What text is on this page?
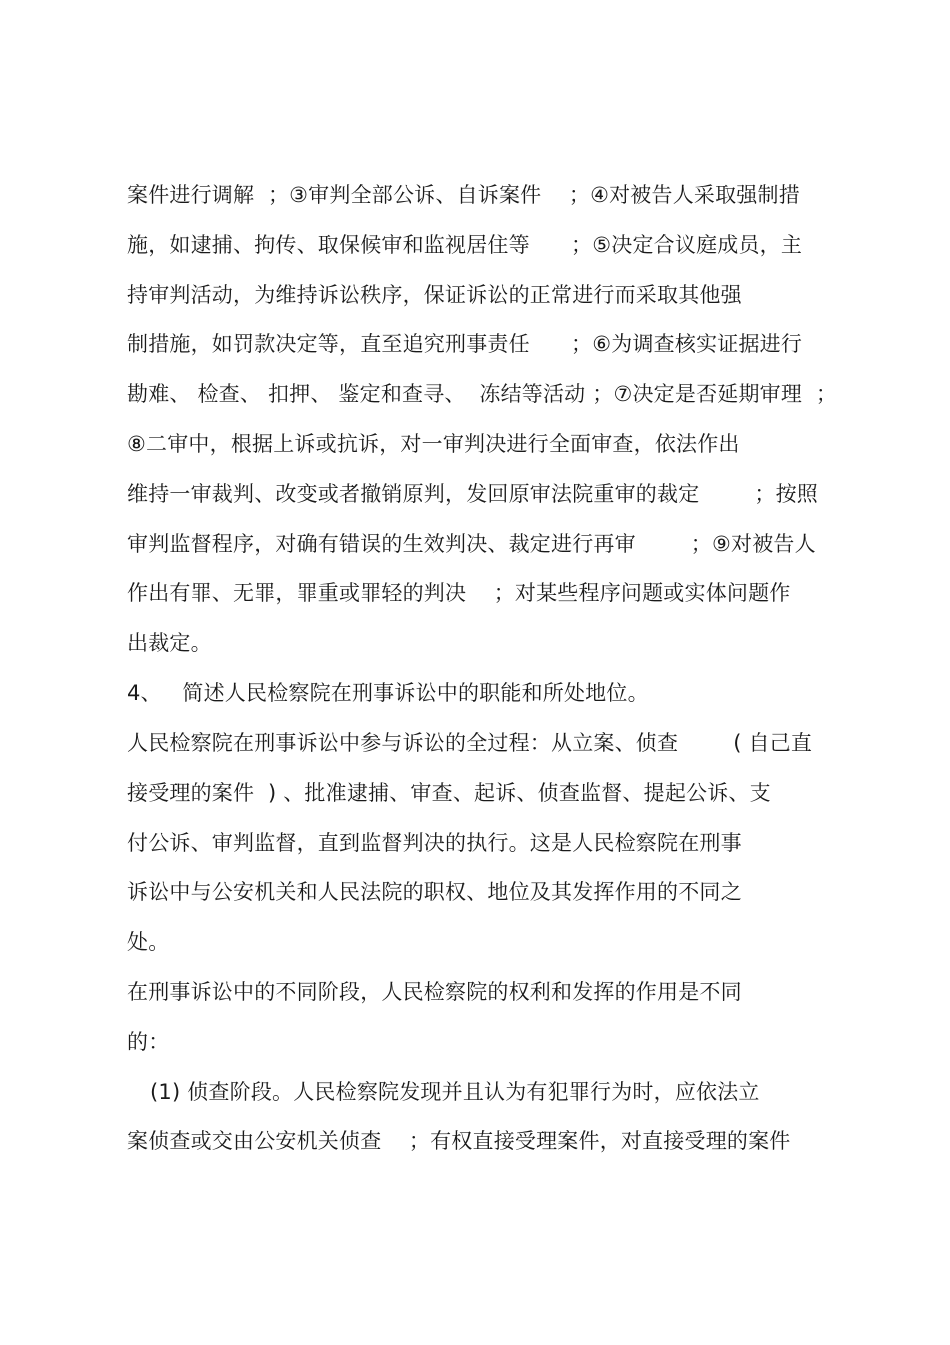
案件进行调解  ；③审判全部公诉、自诉案件    ；④对被告人采取强制措
施，如逮捕、拘传、取保候审和监视居住等      ；⑤决定合议庭成员，主
持审判活动，为维持诉讼秩序，保证诉讼的正常进行而采取其他强
制措施，如罚款决定等，直至追究刑事责任      ；⑥为调查核实证据进行
勘难、 检查、 扣押、 鉴定和查寻、  冻结等活动 ；⑦决定是否延期审理  ；
⑧二审中，根据上诉或抗诉，对一审判决进行全面审查，依法作出
维持一审裁判、改变或者撤销原判，发回原审法院重审的裁定        ；按照
审判监督程序，对确有错误的生效判决、裁定进行再审        ；⑨对被告人
作出有罪、无罪，罪重或罪轻的判决    ；对某些程序问题或实体问题作
出裁定。
4、   简述人民检察院在刑事诉讼中的职能和所处地位。
人民检察院在刑事诉讼中参与诉讼的全过程：从立案、侦查        ( 自己直
接受理的案件  ) 、批准逮捕、审查、起诉、侦查监督、提起公诉、支
付公诉、审判监督，直到监督判决的执行。这是人民检察院在刑事
诉讼中与公安机关和人民法院的职权、地位及其发挥作用的不同之
处。
在刑事诉讼中的不同阶段，人民检察院的权利和发挥的作用是不同
的：
(1) 侦查阶段。人民检察院发现并且认为有犯罪行为时，应依法立
案侦查或交由公安机关侦查    ；有权直接受理案件，对直接受理的案件
